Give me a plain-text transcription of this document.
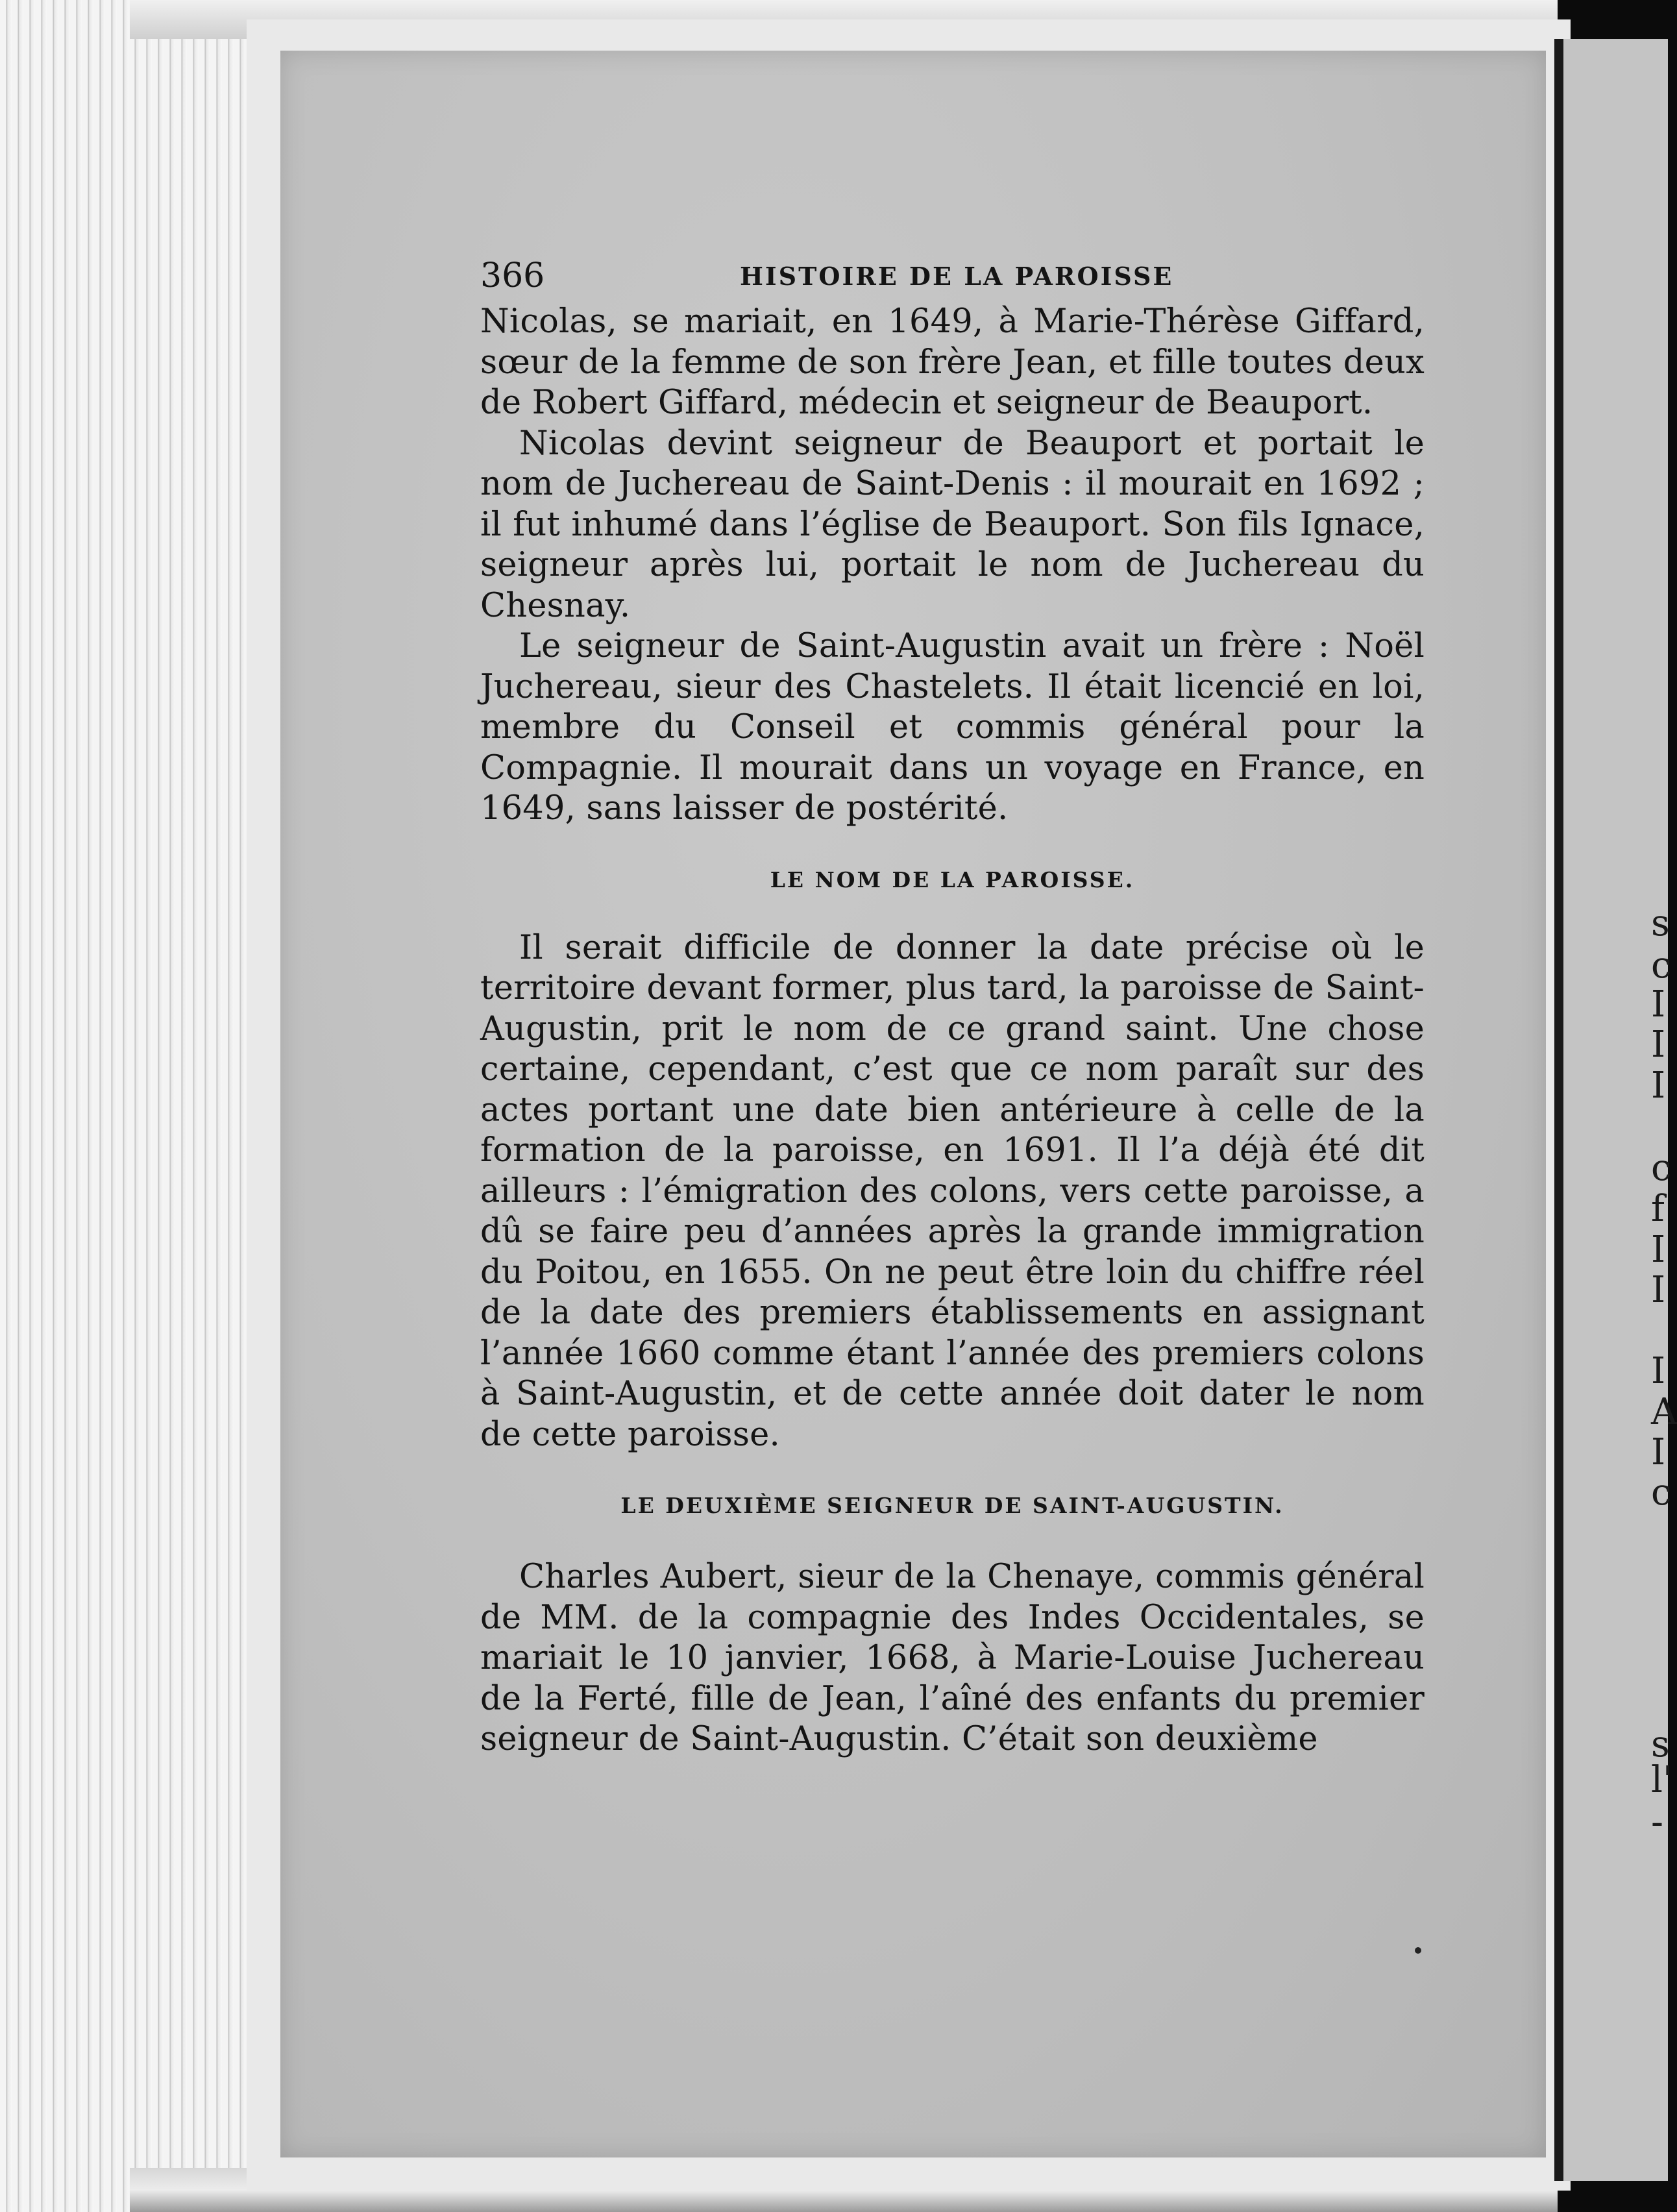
s
c
I
I
I
c
f
I
I
I
A
I
c
s
l'
-
366	HISTOIRE DE LA PAROISSE

Nicolas, se mariait, en 1649, à Marie-Thérèse Giffard, sœur de la femme de son frère Jean, et fille toutes deux de Robert Giffard, médecin et seigneur de Beauport.

Nicolas devint seigneur de Beauport et portait le nom de Juchereau de Saint-Denis : il mourait en 1692 ; il fut inhumé dans l’église de Beauport. Son fils Ignace, seigneur après lui, portait le nom de Juchereau du Chesnay.

Le seigneur de Saint-Augustin avait un frère : Noël Juchereau, sieur des Chastelets. Il était licencié en loi, membre du Conseil et commis général pour la Compagnie. Il mourait dans un voyage en France, en 1649, sans laisser de postérité.

LE NOM DE LA PAROISSE.

Il serait difficile de donner la date précise où le territoire devant former, plus tard, la paroisse de Saint-Augustin, prit le nom de ce grand saint. Une chose certaine, cependant, c’est que ce nom paraît sur des actes portant une date bien antérieure à celle de la formation de la paroisse, en 1691. Il l’a déjà été dit ailleurs : l’émigration des colons, vers cette paroisse, a dû se faire peu d’années après la grande immigration du Poitou, en 1655. On ne peut être loin du chiffre réel de la date des premiers établissements en assignant l’année 1660 comme étant l’année des premiers colons à Saint-Augustin, et de cette année doit dater le nom de cette paroisse.

LE DEUXIÈME SEIGNEUR DE SAINT-AUGUSTIN.

Charles Aubert, sieur de la Chenaye, commis général de MM. de la compagnie des Indes Occidentales, se mariait le 10 janvier, 1668, à Marie-Louise Juchereau de la Ferté, fille de Jean, l’aîné des enfants du premier seigneur de Saint-Augustin. C’était son deuxième
